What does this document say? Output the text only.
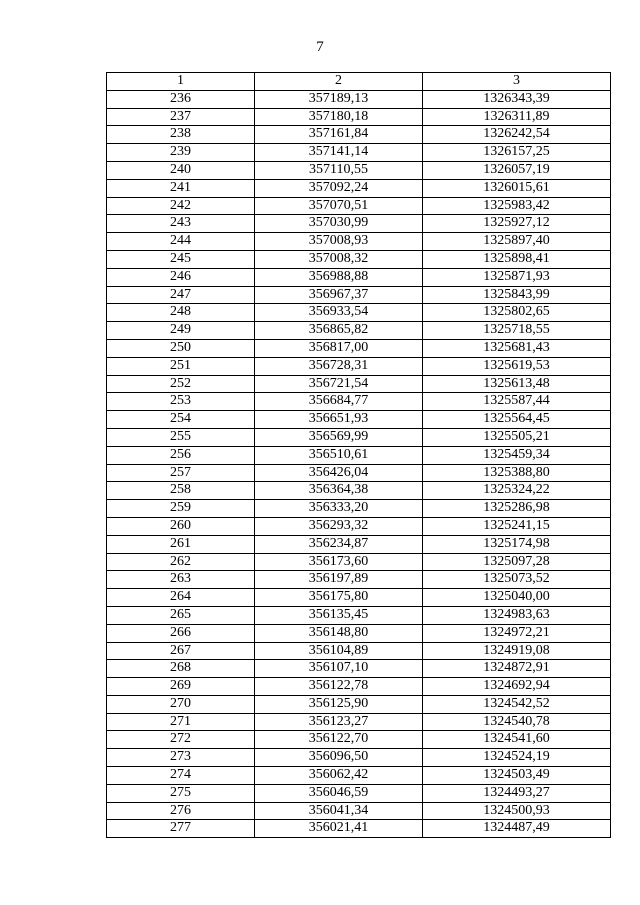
7
1	2	3
236	357189,13	1326343,39
237	357180,18	1326311,89
238	357161,84	1326242,54
239	357141,14	1326157,25
240	357110,55	1326057,19
241	357092,24	1326015,61
242	357070,51	1325983,42
243	357030,99	1325927,12
244	357008,93	1325897,40
245	357008,32	1325898,41
246	356988,88	1325871,93
247	356967,37	1325843,99
248	356933,54	1325802,65
249	356865,82	1325718,55
250	356817,00	1325681,43
251	356728,31	1325619,53
252	356721,54	1325613,48
253	356684,77	1325587,44
254	356651,93	1325564,45
255	356569,99	1325505,21
256	356510,61	1325459,34
257	356426,04	1325388,80
258	356364,38	1325324,22
259	356333,20	1325286,98
260	356293,32	1325241,15
261	356234,87	1325174,98
262	356173,60	1325097,28
263	356197,89	1325073,52
264	356175,80	1325040,00
265	356135,45	1324983,63
266	356148,80	1324972,21
267	356104,89	1324919,08
268	356107,10	1324872,91
269	356122,78	1324692,94
270	356125,90	1324542,52
271	356123,27	1324540,78
272	356122,70	1324541,60
273	356096,50	1324524,19
274	356062,42	1324503,49
275	356046,59	1324493,27
276	356041,34	1324500,93
277	356021,41	1324487,49
